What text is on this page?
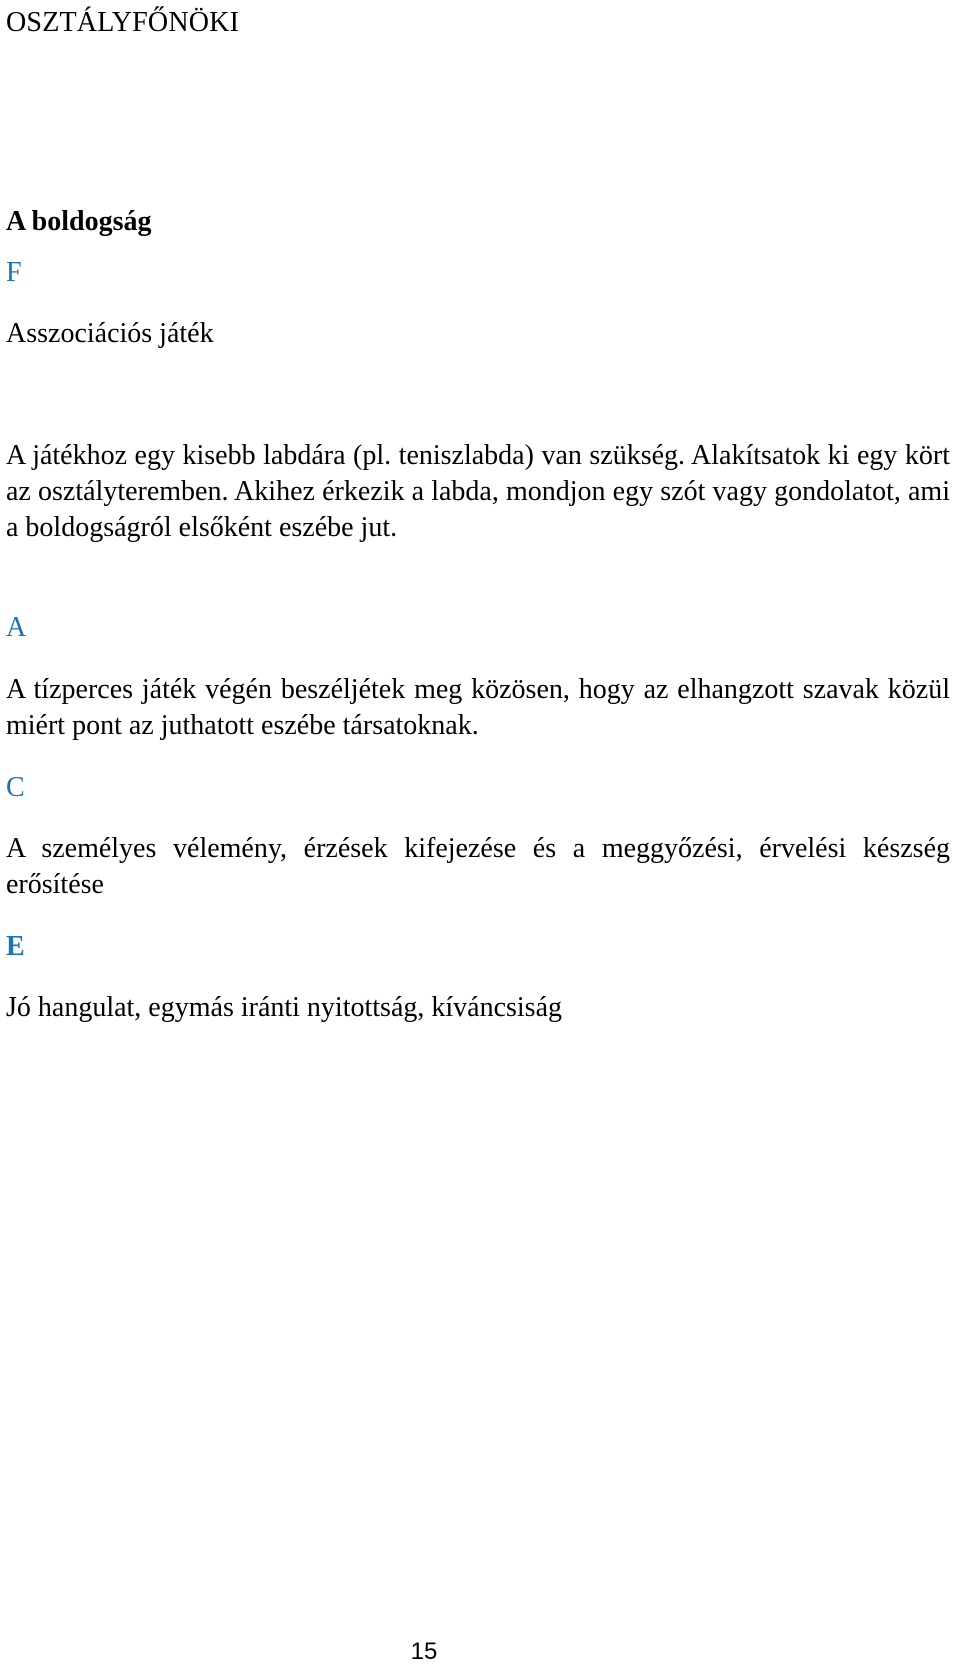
OSZTÁLYFŐNÖKI
A boldogság
F
Asszociációs játék
A játékhoz egy kisebb labdára (pl. teniszlabda) van szükség. Alakítsatok ki egy kört az osztályteremben. Akihez érkezik a labda, mondjon egy szót vagy gondolatot, ami a boldogságról elsőként eszébe jut.
A
A tízperces játék végén beszéljétek meg közösen, hogy az elhangzott szavak közül miért pont az juthatott eszébe társatoknak.
C
A személyes vélemény, érzések kifejezése és a meggyőzési, érvelési készség erősítése
E
Jó hangulat, egymás iránti nyitottság, kíváncsiság
15
